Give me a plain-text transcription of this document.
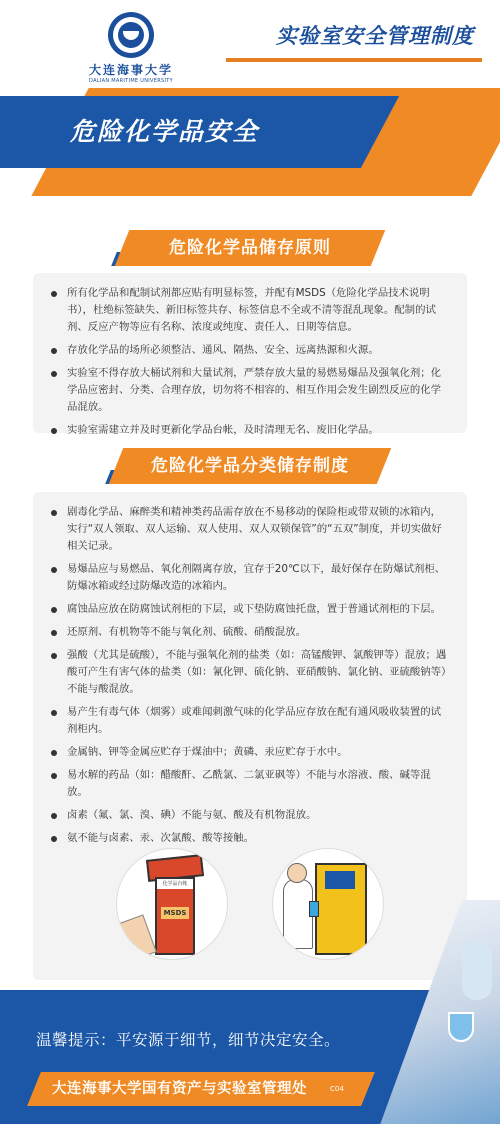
大连海事大学
DALIAN MARITIME UNIVERSITY
实验室安全管理制度
危险化学品安全
危险化学品储存原则
所有化学品和配制试剂都应贴有明显标签，并配有MSDS（危险化学品技术说明书），杜绝标签缺失、新旧标签共存、标签信息不全或不清等混乱现象。配制的试剂、反应产物等应有名称、浓度或纯度、责任人、日期等信息。
存放化学品的场所必须整洁、通风、隔热、安全、远离热源和火源。
实验室不得存放大桶试剂和大量试剂，严禁存放大量的易燃易爆品及强氧化剂；化学品应密封、分类、合理存放，切勿将不相容的、相互作用会发生剧烈反应的化学品混放。
实验室需建立并及时更新化学品台帐，及时清理无名、废旧化学品。
危险化学品分类储存制度
剧毒化学品、麻醉类和精神类药品需存放在不易移动的保险柜或带双锁的冰箱内，实行“双人领取、双人运输、双人使用、双人双锁保管”的“五双”制度，并切实做好相关记录。
易爆品应与易燃品、氧化剂隔离存放，宜存于20℃以下，最好保存在防爆试剂柜、防爆冰箱或经过防爆改造的冰箱内。
腐蚀品应放在防腐蚀试剂柜的下层，或下垫防腐蚀托盘，置于普通试剂柜的下层。
还原剂、有机物等不能与氧化剂、硫酸、硝酸混放。
强酸（尤其是硫酸），不能与强氧化剂的盐类（如：高锰酸钾、氯酸钾等）混放；遇酸可产生有害气体的盐类（如：氰化钾、硫化钠、亚硝酸钠、氯化钠、亚硫酸钠等）不能与酸混放。
易产生有毒气体（烟雾）或难闻刺激气味的化学品应存放在配有通风吸收装置的试剂柜内。
金属钠、钾等金属应贮存于煤油中；黄磷、汞应贮存于水中。
易水解的药品（如：醋酸酐、乙酰氯、二氯亚砜等）不能与水溶液、酸、碱等混放。
卤素（氟、氯、溴、碘）不能与氨、酸及有机物混放。
氨不能与卤素、汞、次氯酸、酸等接触。
化学品台帐
MSDS
温馨提示：平安源于细节，细节决定安全。
大连海事大学国有资产与实验室管理处	C04
